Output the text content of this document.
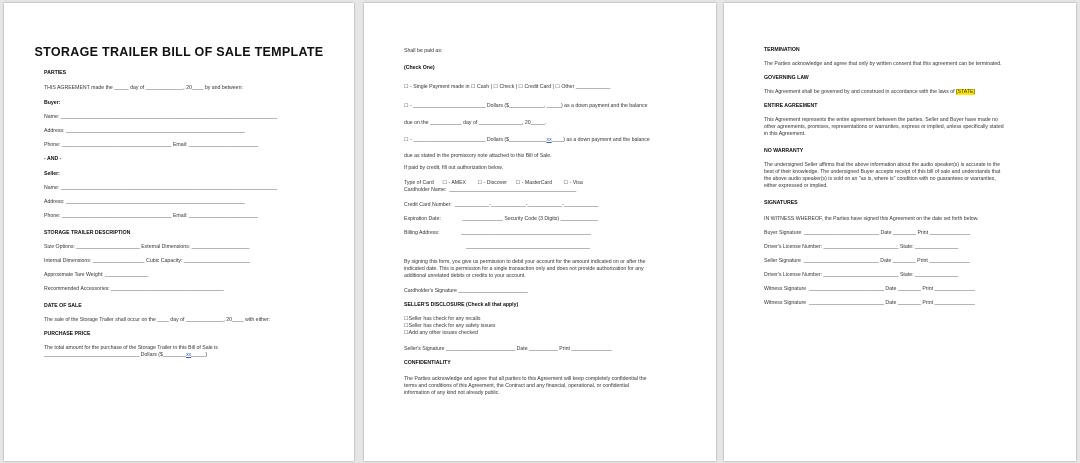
STORAGE TRAILER BILL OF SALE TEMPLATE
PARTIES
THIS AGREEMENT made the _____ day of _____________, 20____ by and between:
Buyer:
Name: ___________________________________________________________________________
Address: ______________________________________________________________
Phone: ______________________________________ Email: ________________________
- AND -
Seller:
Name: ___________________________________________________________________________
Address: ______________________________________________________________
Phone: ______________________________________ Email: ________________________
STORAGE TRAILER DESCRIPTION
Size Options: ______________________ External Dimensions: ____________________
Internal Dimensions: __________________ Cubic Capacity: _______________________
Approximate Tare Weight: _______________
Recommended Accessories: _______________________________________
DATE OF SALE
The sale of the Storage Trailer shall occur on the ____ day of _____________, 20____ with either:
PURCHASE PRICE
The total amount for the purchase of the Storage Trailer in this Bill of Sale is
_________________________________ Dollars ($________xx_____)
Shall be paid as:
(Check One)
☐ - Single Payment made in ☐ Cash | ☐ Check | ☐ Credit Card | ☐ Other ____________
☐ - _________________________ Dollars ($____________, _____) as a down payment and the balance
due on the ___________ day of _______________, 20_____.
☐ - _________________________ Dollars ($_____________xx____) as a down payment and the balance
due as stated in the promissory note attached to this Bill of Sale.
If paid by credit, fill out authorization below.
Type of Card      ☐ - AMEX        ☐ - Discover      ☐ - MasterCard        ☐ - Visa
Cardholder Name:  ____________________________________________
Credit Card Number:  ____________-____________-____________-____________
Expiration Date:               ______________ Security Code (3 Digits) _____________
Billing Address:               _____________________________________________
___________________________________________
By signing this form, you give us permission to debit your account for the amount indicated on or after the
indicated date. This is permission for a single transaction only and does not provide authorization for any
additional unrelated debits or credits to your account.
Cardholder's Signature ________________________
SELLER'S DISCLOSURE (Check all that apply)
☐Seller has check for any recalls
☐Seller has check for any safety issues
☐Add any other issues checked
Seller's Signature ________________________ Date __________ Print ______________
CONFIDENTIALITY
The Parties acknowledge and agree that all parties to this Agreement will keep completely confidential the
terms and conditions of this Agreement, the Contract and any financial, operational, or confidential
information of any kind not already public.
TERMINATION
The Parties acknowledge and agree that only by written consent that this agreement can be terminated.
GOVERNING LAW
This Agreement shall be governed by and construed in accordance with the laws of [STATE]
ENTIRE AGREEMENT
This Agreement represents the entire agreement between the parties. Seller and Buyer have made no
other agreements, promises, representations or warranties, express or implied, unless specifically stated
in this Agreement.
NO WARRANTY
The undersigned Seller affirms that the above information about the audio speaker(s) is accurate to the
best of their knowledge. The undersigned Buyer accepts receipt of this bill of sale and understands that
the above audio speaker(s) is sold on an "as is, where is" condition with no guarantees or warranties,
either expressed or implied.
SIGNATURES
IN WITNESS WHEREOF, the Parties have signed this Agreement on the date set forth below.
Buyer Signature  __________________________ Date ________ Print ______________
Driver's License Number: __________________________ State: _______________
Seller Signature  __________________________ Date ________ Print ______________
Driver's License Number: __________________________ State: _______________
Witness Signature  __________________________ Date ________ Print ______________
Witness Signature  __________________________ Date ________ Print ______________
